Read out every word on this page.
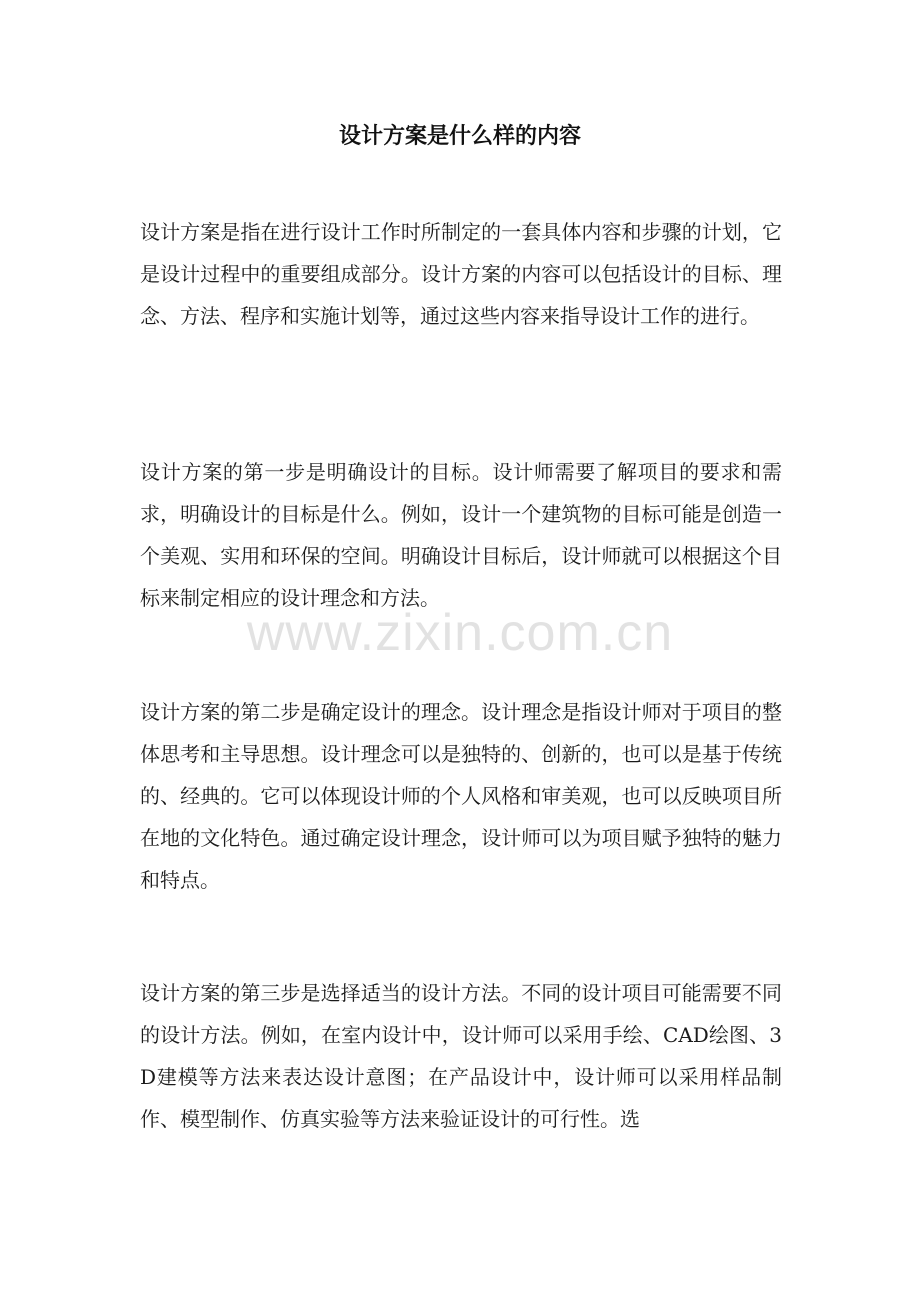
设计方案是什么样的内容

设计方案是指在进行设计工作时所制定的一套具体内容和步骤的计划，它是设计过程中的重要组成部分。设计方案的内容可以包括设计的目标、理念、方法、程序和实施计划等，通过这些内容来指导设计工作的进行。

设计方案的第一步是明确设计的目标。设计师需要了解项目的要求和需求，明确设计的目标是什么。例如，设计一个建筑物的目标可能是创造一个美观、实用和环保的空间。明确设计目标后，设计师就可以根据这个目标来制定相应的设计理念和方法。

设计方案的第二步是确定设计的理念。设计理念是指设计师对于项目的整体思考和主导思想。设计理念可以是独特的、创新的，也可以是基于传统的、经典的。它可以体现设计师的个人风格和审美观，也可以反映项目所在地的文化特色。通过确定设计理念，设计师可以为项目赋予独特的魅力和特点。

设计方案的第三步是选择适当的设计方法。不同的设计项目可能需要不同的设计方法。例如，在室内设计中，设计师可以采用手绘、CAD绘图、3D建模等方法来表达设计意图；在产品设计中，设计师可以采用样品制作、模型制作、仿真实验等方法来验证设计的可行性。选

www.zixin.com.cn
